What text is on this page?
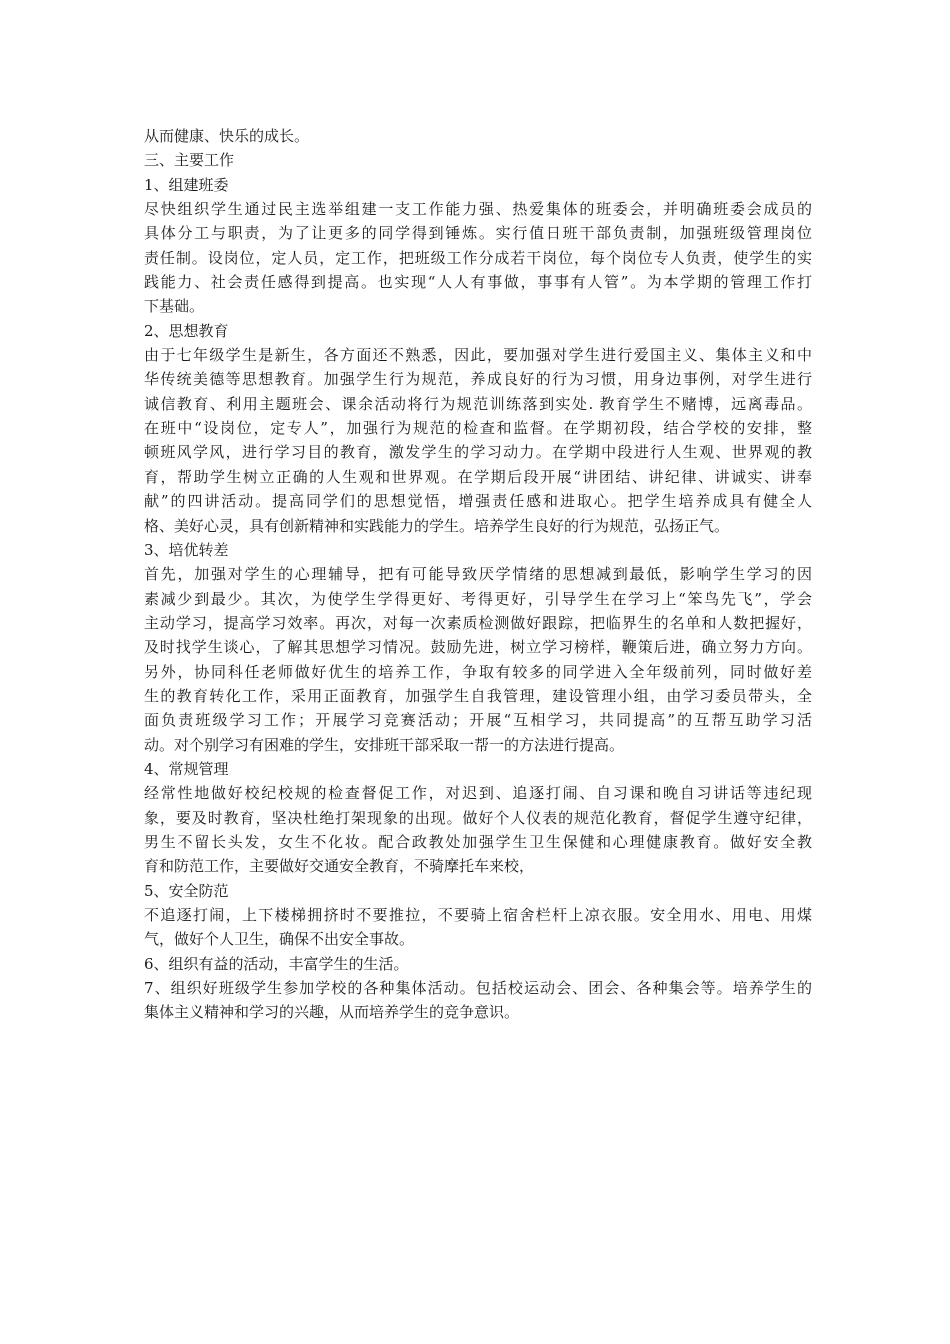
从而健康、快乐的成长。
三、主要工作
1、组建班委
尽快组织学生通过民主选举组建一支工作能力强、热爱集体的班委会，并明确班委会成员的
具体分工与职责，为了让更多的同学得到锤炼。实行值日班干部负责制，加强班级管理岗位
责任制。设岗位，定人员，定工作，把班级工作分成若干岗位，每个岗位专人负责，使学生的实
践能力、社会责任感得到提高。也实现“人人有事做，事事有人管”。为本学期的管理工作打
下基础。
2、思想教育
由于七年级学生是新生，各方面还不熟悉，因此，要加强对学生进行爱国主义、集体主义和中
华传统美德等思想教育。加强学生行为规范，养成良好的行为习惯，用身边事例，对学生进行
诚信教育、利用主题班会、课余活动将行为规范训练落到实处. 教育学生不赌博，远离毒品。
在班中“设岗位，定专人”，加强行为规范的检查和监督。在学期初段，结合学校的安排，整
顿班风学风，进行学习目的教育，激发学生的学习动力。在学期中段进行人生观、世界观的教
育，帮助学生树立正确的人生观和世界观。在学期后段开展“讲团结、讲纪律、讲诚实、讲奉
献”的四讲活动。提高同学们的思想觉悟，增强责任感和进取心。把学生培养成具有健全人
格、美好心灵，具有创新精神和实践能力的学生。培养学生良好的行为规范，弘扬正气。
3、培优转差
首先，加强对学生的心理辅导，把有可能导致厌学情绪的思想减到最低，影响学生学习的因
素减少到最少。其次，为使学生学得更好、考得更好，引导学生在学习上“笨鸟先飞”，学会
主动学习，提高学习效率。再次，对每一次素质检测做好跟踪，把临界生的名单和人数把握好，
及时找学生谈心，了解其思想学习情况。鼓励先进，树立学习榜样，鞭策后进，确立努力方向。
另外，协同科任老师做好优生的培养工作，争取有较多的同学进入全年级前列，同时做好差
生的教育转化工作，采用正面教育，加强学生自我管理，建设管理小组，由学习委员带头，全
面负责班级学习工作；开展学习竞赛活动；开展“互相学习，共同提高”的互帮互助学习活
动。对个别学习有困难的学生，安排班干部采取一帮一的方法进行提高。
4、常规管理
经常性地做好校纪校规的检查督促工作，对迟到、追逐打闹、自习课和晚自习讲话等违纪现
象，要及时教育，坚决杜绝打架现象的出现。做好个人仪表的规范化教育，督促学生遵守纪律，
男生不留长头发，女生不化妆。配合政教处加强学生卫生保健和心理健康教育。做好安全教
育和防范工作，主要做好交通安全教育，不骑摩托车来校，
5、安全防范
不追逐打闹，上下楼梯拥挤时不要推拉，不要骑上宿舍栏杆上凉衣服。安全用水、用电、用煤
气，做好个人卫生，确保不出安全事故。
6、组织有益的活动，丰富学生的生活。
7、组织好班级学生参加学校的各种集体活动。包括校运动会、团会、各种集会等。培养学生的
集体主义精神和学习的兴趣，从而培养学生的竞争意识。
